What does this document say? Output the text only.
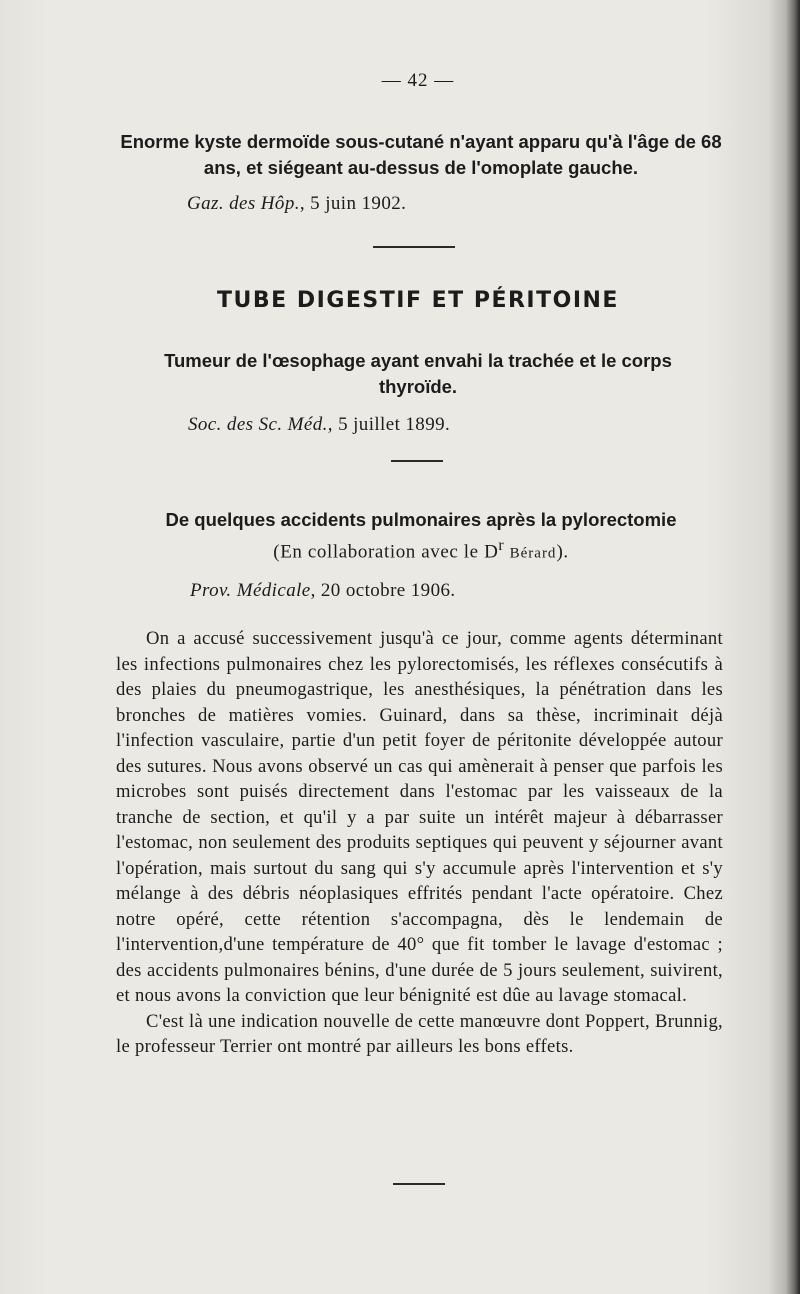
— 42 —
Enorme kyste dermoïde sous-cutané n'ayant apparu qu'à l'âge de 68 ans, et siégeant au-dessus de l'omoplate gauche.
Gaz. des Hôp., 5 juin 1902.
TUBE DIGESTIF ET PÉRITOINE
Tumeur de l'œsophage ayant envahi la trachée et le corps thyroïde.
Soc. des Sc. Méd., 5 juillet 1899.
De quelques accidents pulmonaires après la pylorectomie
(En collaboration avec le $D^r$ Bérard).
Prov. Médicale, 20 octobre 1906.

On a accusé successivement jusqu'à ce jour, comme agents déterminant les infections pulmonaires chez les pylorectomisés, les réflexes consécutifs à des plaies du pneumogastrique, les anesthésiques, la pénétration dans les bronches de matières vomies. Guinard, dans sa thèse, incriminait déjà l'infection vasculaire, partie d'un petit foyer de péritonite développée autour des sutures. Nous avons observé un cas qui amènerait à penser que parfois les microbes sont puisés directement dans l'estomac par les vaisseaux de la tranche de section, et qu'il y a par suite un intérêt majeur à débarrasser l'estomac, non seulement des produits septiques qui peuvent y séjourner avant l'opération, mais surtout du sang qui s'y accumule après l'intervention et s'y mélange à des débris néoplasiques effrités pendant l'acte opératoire. Chez notre opéré, cette rétention s'accompagna, dès le lendemain de l'intervention,d'une température de 40° que fit tomber le lavage d'estomac ; des accidents pulmonaires bénins, d'une durée de 5 jours seulement, suivirent, et nous avons la conviction que leur bénignité est dûe au lavage stomacal.

C'est là une indication nouvelle de cette manœuvre dont Poppert, Brunnig, le professeur Terrier ont montré par ailleurs les bons effets.
